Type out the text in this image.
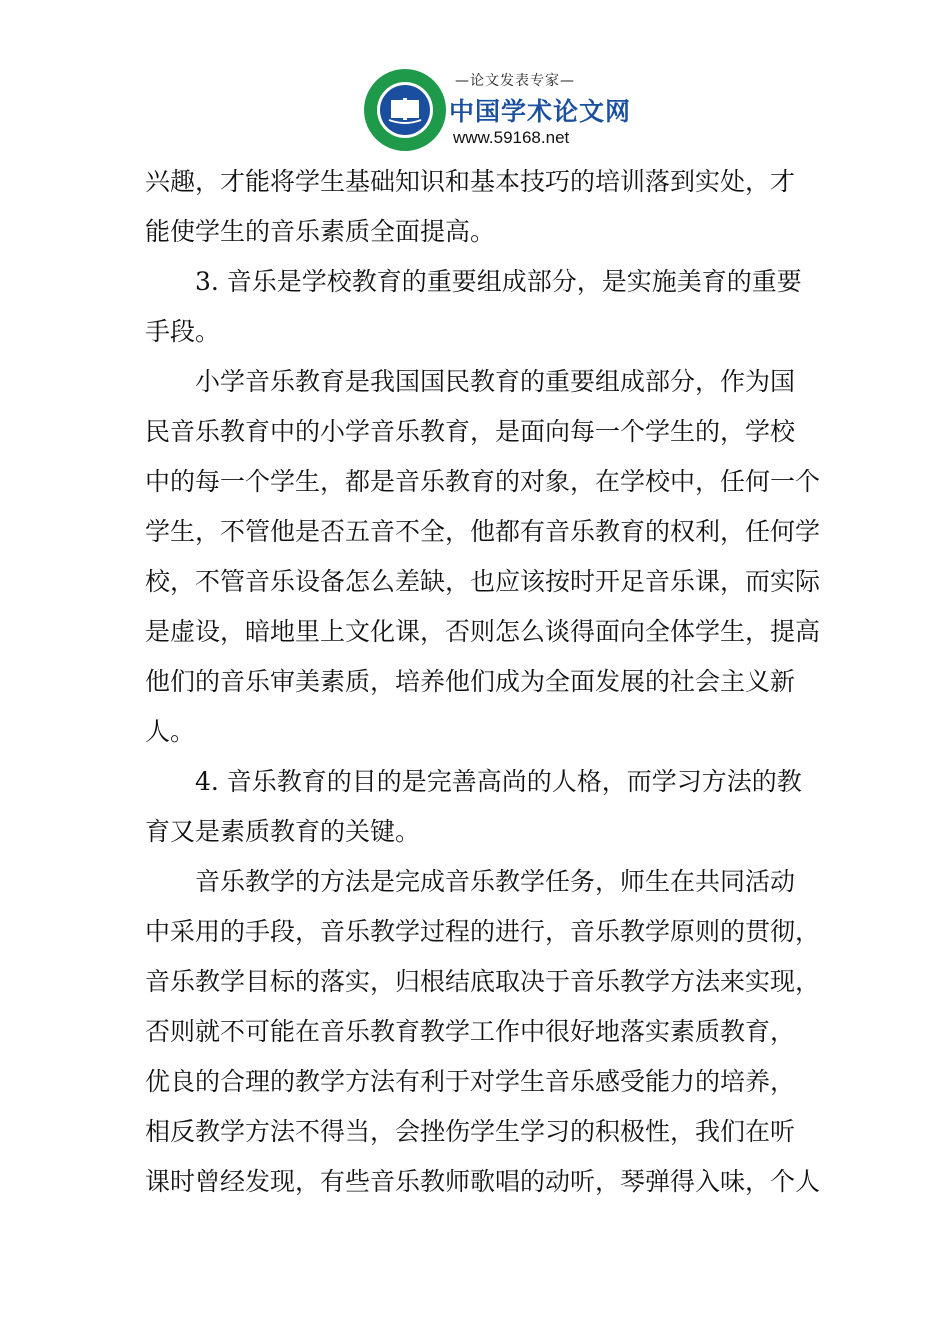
—论文发表专家—
中国学术论文网
www.59168.net
兴趣，才能将学生基础知识和基本技巧的培训落到实处，才
能使学生的音乐素质全面提高。
3. 音乐是学校教育的重要组成部分，是实施美育的重要
手段。
小学音乐教育是我国国民教育的重要组成部分，作为国
民音乐教育中的小学音乐教育，是面向每一个学生的，学校
中的每一个学生，都是音乐教育的对象，在学校中，任何一个
学生，不管他是否五音不全，他都有音乐教育的权利，任何学
校，不管音乐设备怎么差缺，也应该按时开足音乐课，而实际
是虚设，暗地里上文化课，否则怎么谈得面向全体学生，提高
他们的音乐审美素质，培养他们成为全面发展的社会主义新
人。
4. 音乐教育的目的是完善高尚的人格，而学习方法的教
育又是素质教育的关键。
音乐教学的方法是完成音乐教学任务，师生在共同活动
中采用的手段，音乐教学过程的进行，音乐教学原则的贯彻，
音乐教学目标的落实，归根结底取决于音乐教学方法来实现，
否则就不可能在音乐教育教学工作中很好地落实素质教育，
优良的合理的教学方法有利于对学生音乐感受能力的培养，
相反教学方法不得当，会挫伤学生学习的积极性，我们在听
课时曾经发现，有些音乐教师歌唱的动听，琴弹得入味，个人
